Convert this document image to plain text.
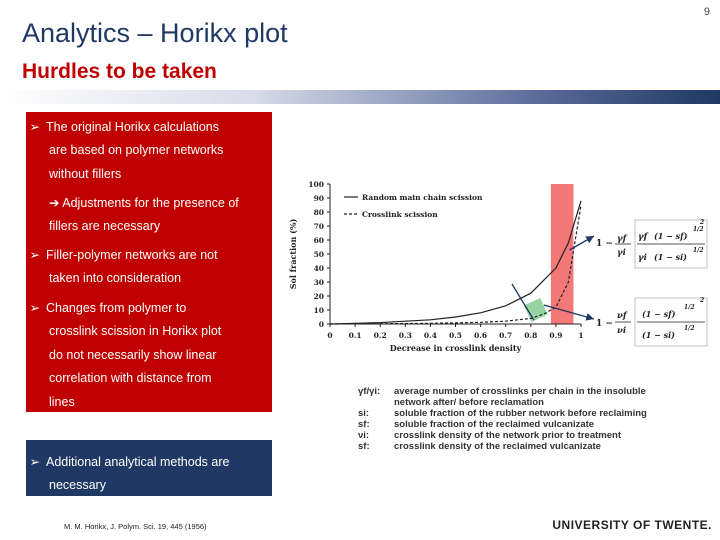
Analytics – Horikx plot
Hurdles to be taken
9
➢ The original Horikx calculations
are based on polymer networks
without fillers
➔ Adjustments for the presence of
fillers are necessary
➢ Filler-polymer networks are not
taken into consideration
➢ Changes from polymer to
crosslink scission in Horikx plot
do not necessarily show linear
correlation with distance from
lines
➢ Additional analytical methods are
necessary
0 0.1 0.2 0.3 0.4 0.5 0.6 0.7 0.8 0.9 1
0
10
20
30
40
50
60
70
80
90
100
Decrease in crosslink density
Sol fraction (%)
Random main chain scission
Crosslink scission
1 − γf
γi
γf (1 − sf)
1/2
γi (1 − si)
1/2
2
1 −
νf
νi
(1 − sf)
1/2
(1 − si)
1/2
2
γf/γi:	average number of crosslinks per chain in the insoluble
network after/ before reclamation
si:	soluble fraction of the rubber network before reclaiming
sf:	soluble fraction of the reclaimed vulcanizate
νi:	crosslink density of the network prior to treatment
sf:	crosslink density of the reclaimed vulcanizate
M. M. Horikx, J. Polym. Sci. 19, 445 (1956)	UNIVERSITY OF TWENTE.
